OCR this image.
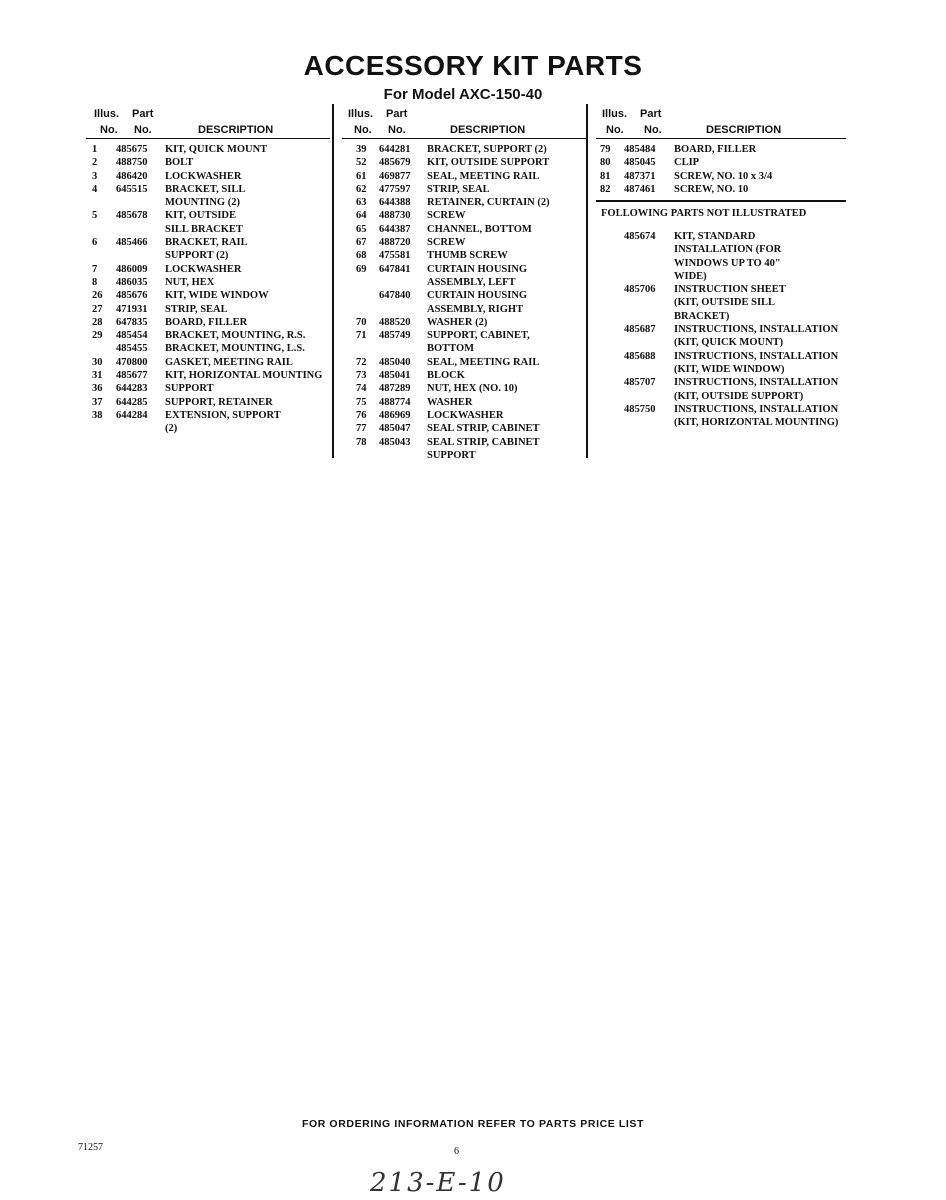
ACCESSORY KIT PARTS
For Model AXC-150-40
Illus. Part
No. No.	DESCRIPTION
1 485675 KIT, QUICK MOUNT
2 488750 BOLT
3 486420 LOCKWASHER
4 645515 BRACKET, SILL
MOUNTING (2)
5 485678 KIT, OUTSIDE
SILL BRACKET
6 485466 BRACKET, RAIL
SUPPORT (2)
7 486009 LOCKWASHER
8 486035 NUT, HEX
26 485676 KIT, WIDE WINDOW
27 471931 STRIP, SEAL
28 647835 BOARD, FILLER
29 485454 BRACKET, MOUNTING, R.S.
485455 BRACKET, MOUNTING, L.S.
30 470800 GASKET, MEETING RAIL
31 485677 KIT, HORIZONTAL MOUNTING
36 644283 SUPPORT
37 644285 SUPPORT, RETAINER
38 644284 EXTENSION, SUPPORT
(2)
Illus. Part
No. No.	DESCRIPTION
39 644281 BRACKET, SUPPORT (2)
52 485679 KIT, OUTSIDE SUPPORT
61 469877 SEAL, MEETING RAIL
62 477597 STRIP, SEAL
63 644388 RETAINER, CURTAIN (2)
64 488730 SCREW
65 644387 CHANNEL, BOTTOM
67 488720 SCREW
68 475581 THUMB SCREW
69 647841 CURTAIN HOUSING
ASSEMBLY, LEFT
647840 CURTAIN HOUSING
ASSEMBLY, RIGHT
70 488520 WASHER (2)
71 485749 SUPPORT, CABINET,
BOTTOM
72 485040 SEAL, MEETING RAIL
73 485041 BLOCK
74 487289 NUT, HEX (NO. 10)
75 488774 WASHER
76 486969 LOCKWASHER
77 485047 SEAL STRIP, CABINET
78 485043 SEAL STRIP, CABINET
SUPPORT
Illus. Part
No. No.	DESCRIPTION
79 485484 BOARD, FILLER
80 485045 CLIP
81 487371 SCREW, NO. 10 x 3/4
82 487461 SCREW, NO. 10
FOLLOWING PARTS NOT ILLUSTRATED
485674 KIT, STANDARD
INSTALLATION (FOR
WINDOWS UP TO 40"
WIDE)
485706 INSTRUCTION SHEET
(KIT, OUTSIDE SILL
BRACKET)
485687 INSTRUCTIONS, INSTALLATION
(KIT, QUICK MOUNT)
485688 INSTRUCTIONS, INSTALLATION
(KIT, WIDE WINDOW)
485707 INSTRUCTIONS, INSTALLATION
(KIT, OUTSIDE SUPPORT)
485750 INSTRUCTIONS, INSTALLATION
(KIT, HORIZONTAL MOUNTING)
FOR ORDERING INFORMATION REFER TO PARTS PRICE LIST
71257	6
213-E-10
